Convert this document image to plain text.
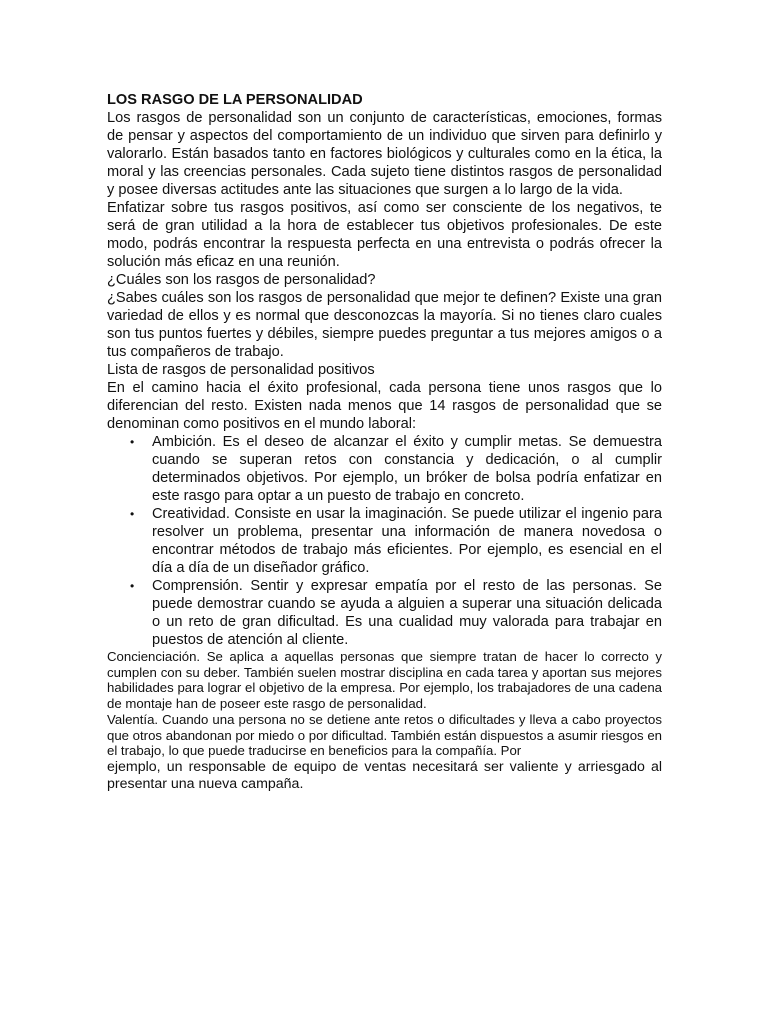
LOS RASGO DE LA PERSONALIDAD

Los rasgos de personalidad son un conjunto de características, emociones, formas de pensar y aspectos del comportamiento de un individuo que sirven para definirlo y valorarlo. Están basados tanto en factores biológicos y culturales como en la ética, la moral y las creencias personales. Cada sujeto tiene distintos rasgos de personalidad y posee diversas actitudes ante las situaciones que surgen a lo largo de la vida.

Enfatizar sobre tus rasgos positivos, así como ser consciente de los negativos, te será de gran utilidad a la hora de establecer tus objetivos profesionales. De este modo, podrás encontrar la respuesta perfecta en una entrevista o podrás ofrecer la solución más eficaz en una reunión.

¿Cuáles son los rasgos de personalidad?

¿Sabes cuáles son los rasgos de personalidad que mejor te definen? Existe una gran variedad de ellos y es normal que desconozcas la mayoría. Si no tienes claro cuales son tus puntos fuertes y débiles, siempre puedes preguntar a tus mejores amigos o a tus compañeros de trabajo.

Lista de rasgos de personalidad positivos

En el camino hacia el éxito profesional, cada persona tiene unos rasgos que lo diferencian del resto. Existen nada menos que 14 rasgos de personalidad que se denominan como positivos en el mundo laboral:

• Ambición. Es el deseo de alcanzar el éxito y cumplir metas. Se demuestra cuando se superan retos con constancia y dedicación, o al cumplir determinados objetivos. Por ejemplo, un bróker de bolsa podría enfatizar en este rasgo para optar a un puesto de trabajo en concreto.
• Creatividad. Consiste en usar la imaginación. Se puede utilizar el ingenio para resolver un problema, presentar una información de manera novedosa o encontrar métodos de trabajo más eficientes. Por ejemplo, es esencial en el día a día de un diseñador gráfico.
• Comprensión. Sentir y expresar empatía por el resto de las personas. Se puede demostrar cuando se ayuda a alguien a superar una situación delicada o un reto de gran dificultad. Es una cualidad muy valorada para trabajar en puestos de atención al cliente.

Concienciación. Se aplica a aquellas personas que siempre tratan de hacer lo correcto y cumplen con su deber. También suelen mostrar disciplina en cada tarea y aportan sus mejores habilidades para lograr el objetivo de la empresa. Por ejemplo, los trabajadores de una cadena de montaje han de poseer este rasgo de personalidad.

Valentía. Cuando una persona no se detiene ante retos o dificultades y lleva a cabo proyectos que otros abandonan por miedo o por dificultad. También están dispuestos a asumir riesgos en el trabajo, lo que puede traducirse en beneficios para la compañía. Por

ejemplo, un responsable de equipo de ventas necesitará ser valiente y arriesgado al presentar una nueva campaña.
